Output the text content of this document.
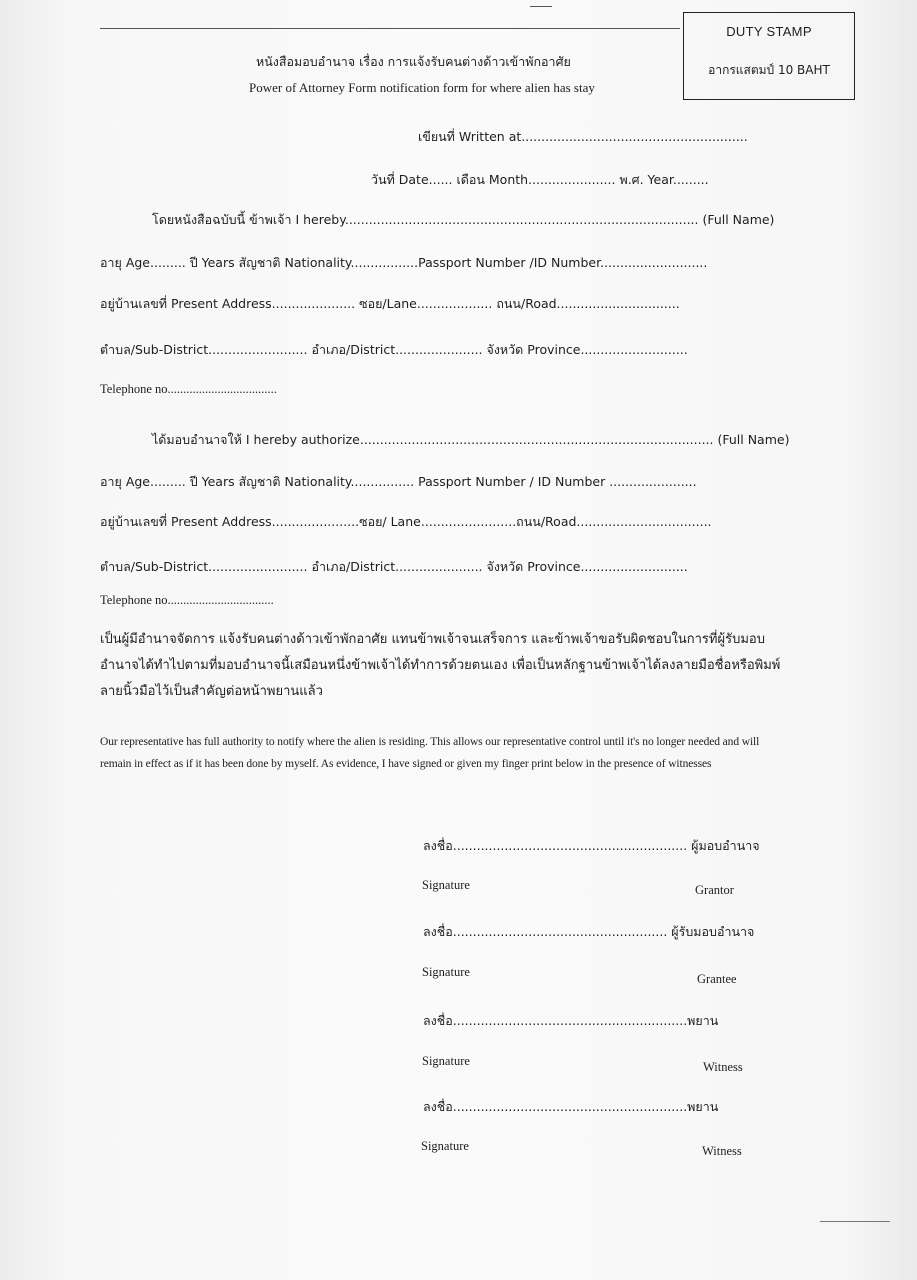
DUTY STAMP
อากรแสตมป์ 10 BAHT
หนังสือมอบอำนาจ เรื่อง การแจ้งรับคนต่างด้าวเข้าพักอาศัย
Power of Attorney Form notification form for where alien has stay
เขียนที่ Written at.........................................................
วันที่ Date...... เดือน Month...................... พ.ศ. Year.........
โดยหนังสือฉบับนี้ ข้าพเจ้า I hereby......................................................................................... (Full Name)
อายุ Age......... ปี Years สัญชาติ Nationality.................Passport Number /ID Number...........................
อยู่บ้านเลขที่ Present Address..................... ซอย/Lane................... ถนน/Road...............................
ตำบล/Sub-District......................... อำเภอ/District...................... จังหวัด Province...........................
Telephone no...................................
ได้มอบอำนาจให้ I hereby authorize......................................................................................... (Full Name)
อายุ Age......... ปี Years สัญชาติ Nationality................ Passport Number / ID Number ......................
อยู่บ้านเลขที่ Present Address......................ซอย/ Lane........................ถนน/Road..................................
ตำบล/Sub-District......................... อำเภอ/District...................... จังหวัด Province...........................
Telephone no..................................
เป็นผู้มีอำนาจจัดการ แจ้งรับคนต่างด้าวเข้าพักอาศัย แทนข้าพเจ้าจนเสร็จการ และข้าพเจ้าขอรับผิดชอบในการที่ผู้รับมอบอำนาจได้ทำไปตามที่มอบอำนาจนี้เสมือนหนึ่งข้าพเจ้าได้ทำการด้วยตนเอง เพื่อเป็นหลักฐานข้าพเจ้าได้ลงลายมือชื่อหรือพิมพ์ลายนิ้วมือไว้เป็นสำคัญต่อหน้าพยานแล้ว
Our representative has full authority to notify where the alien is residing. This allows our representative control until it's no longer needed and will remain in effect as if it has been done by myself. As evidence, I have signed or given my finger print below in the presence of witnesses
ลงชื่อ........................................................... ผู้มอบอำนาจ
Signature	Grantor
ลงชื่อ...................................................... ผู้รับมอบอำนาจ
Signature	Grantee
ลงชื่อ...........................................................พยาน
Signature	Witness
ลงชื่อ...........................................................พยาน
Signature	Witness
